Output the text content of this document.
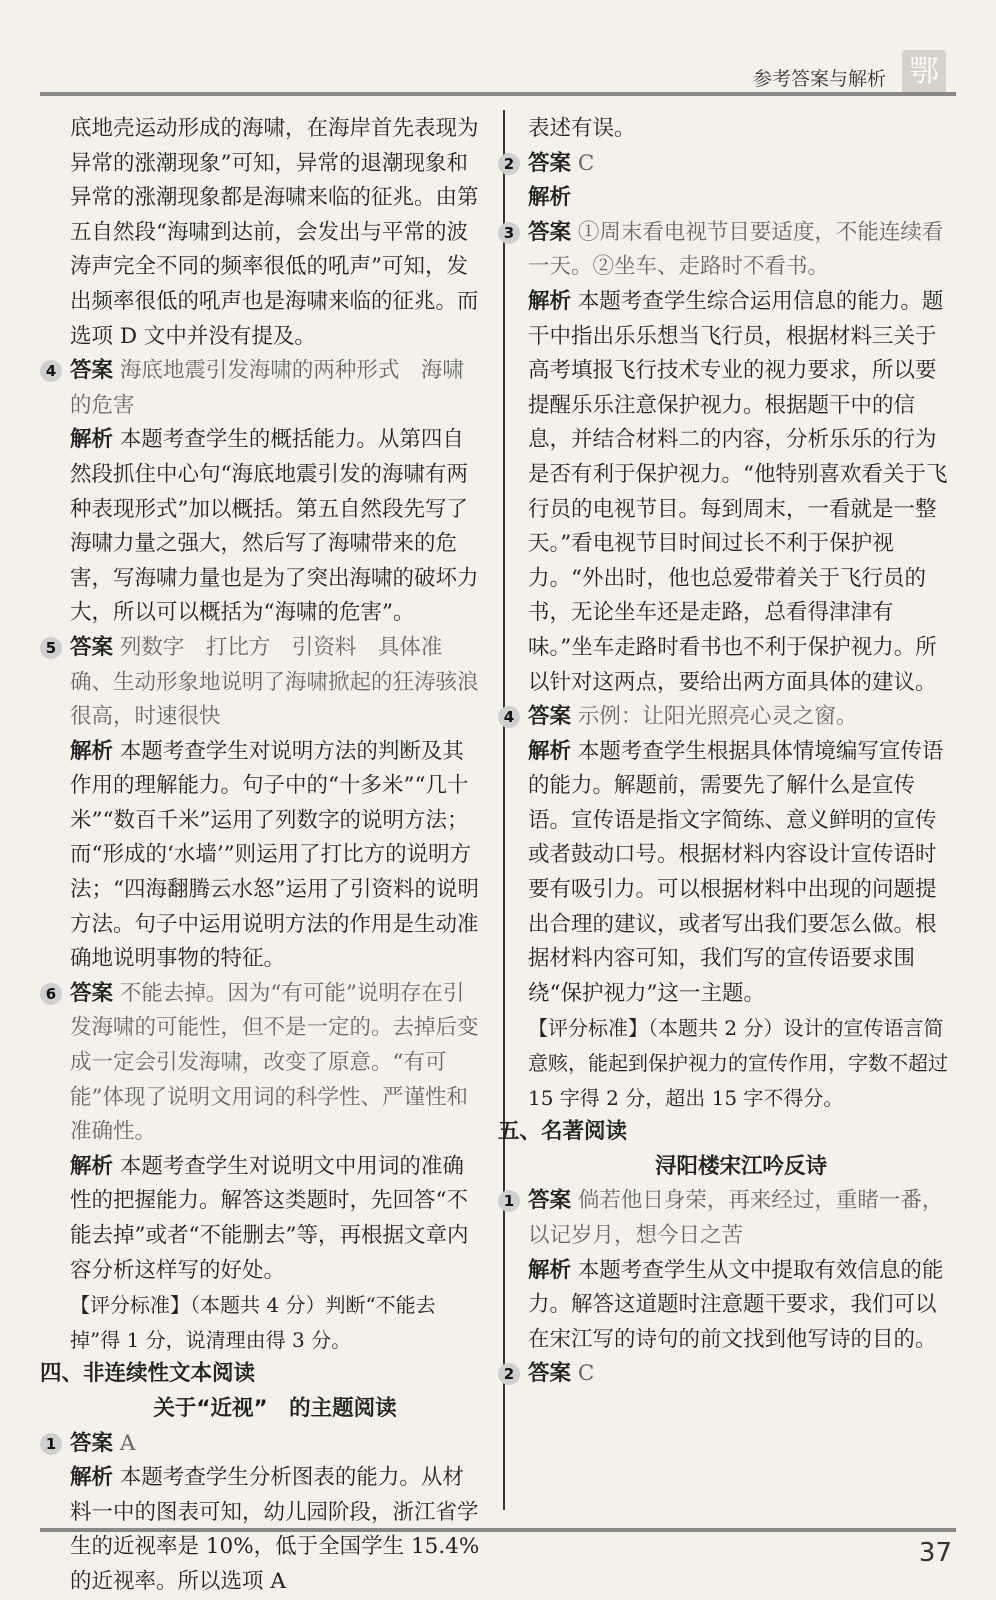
参考答案与解析 鄂

底地壳运动形成的海啸，在海岸首先表现为异常的涨潮现象”可知，异常的退潮现象和异常的涨潮现象都是海啸来临的征兆。由第五自然段“海啸到达前，会发出与平常的波涛声完全不同的频率很低的吼声”可知，发出频率很低的吼声也是海啸来临的征兆。而选项 D 文中并没有提及。

4 答案 海底地震引发海啸的两种形式　海啸的危害

解析 本题考查学生的概括能力。从第四自然段抓住中心句“海底地震引发的海啸有两种表现形式”加以概括。第五自然段先写了海啸力量之强大，然后写了海啸带来的危害，写海啸力量也是为了突出海啸的破坏力大，所以可以概括为“海啸的危害”。

5 答案 列数字　打比方　引资料　具体准确、生动形象地说明了海啸掀起的狂涛骇浪很高，时速很快

解析 本题考查学生对说明方法的判断及其作用的理解能力。句子中的“十多米”“几十米”“数百千米”运用了列数字的说明方法；而“形成的‘水墙’”则运用了打比方的说明方法；“四海翻腾云水怒”运用了引资料的说明方法。句子中运用说明方法的作用是生动准确地说明事物的特征。

6 答案 不能去掉。因为“有可能”说明存在引发海啸的可能性，但不是一定的。去掉后变成一定会引发海啸，改变了原意。“有可能”体现了说明文用词的科学性、严谨性和准确性。

解析 本题考查学生对说明文中用词的准确性的把握能力。解答这类题时，先回答“不能去掉”或者“不能删去”等，再根据文章内容分析这样写的好处。

【评分标准】（本题共 4 分）判断“不能去掉”得 1 分，说清理由得 3 分。

四、非连续性文本阅读

关于“近视”　的主题阅读

1 答案 A

解析 本题考查学生分析图表的能力。从材料一中的图表可知，幼儿园阶段，浙江省学生的近视率是 10%，低于全国学生 15.4% 的近视率。所以选项 A

表述有误。

2 答案 C

解析

3 答案 ①周末看电视节目要适度，不能连续看一天。②坐车、走路时不看书。

解析 本题考查学生综合运用信息的能力。题干中指出乐乐想当飞行员，根据材料三关于高考填报飞行技术专业的视力要求，所以要提醒乐乐注意保护视力。根据题干中的信息，并结合材料二的内容，分析乐乐的行为是否有利于保护视力。“他特别喜欢看关于飞行员的电视节目。每到周末，一看就是一整天。”看电视节目时间过长不利于保护视力。“外出时，他也总爱带着关于飞行员的书，无论坐车还是走路，总看得津津有味。”坐车走路时看书也不利于保护视力。所以针对这两点，要给出两方面具体的建议。

4 答案 示例：让阳光照亮心灵之窗。

解析 本题考查学生根据具体情境编写宣传语的能力。解题前，需要先了解什么是宣传语。宣传语是指文字简练、意义鲜明的宣传或者鼓动口号。根据材料内容设计宣传语时要有吸引力。可以根据材料中出现的问题提出合理的建议，或者写出我们要怎么做。根据材料内容可知，我们写的宣传语要求围绕“保护视力”这一主题。

【评分标准】（本题共 2 分）设计的宣传语言简意赅，能起到保护视力的宣传作用，字数不超过 15 字得 2 分，超出 15 字不得分。

五、名著阅读

浔阳楼宋江吟反诗

1 答案 倘若他日身荣，再来经过，重睹一番，以记岁月，想今日之苦

解析 本题考查学生从文中提取有效信息的能力。解答这道题时注意题干要求，我们可以在宋江写的诗句的前文找到他写诗的目的。

2 答案 C

37
